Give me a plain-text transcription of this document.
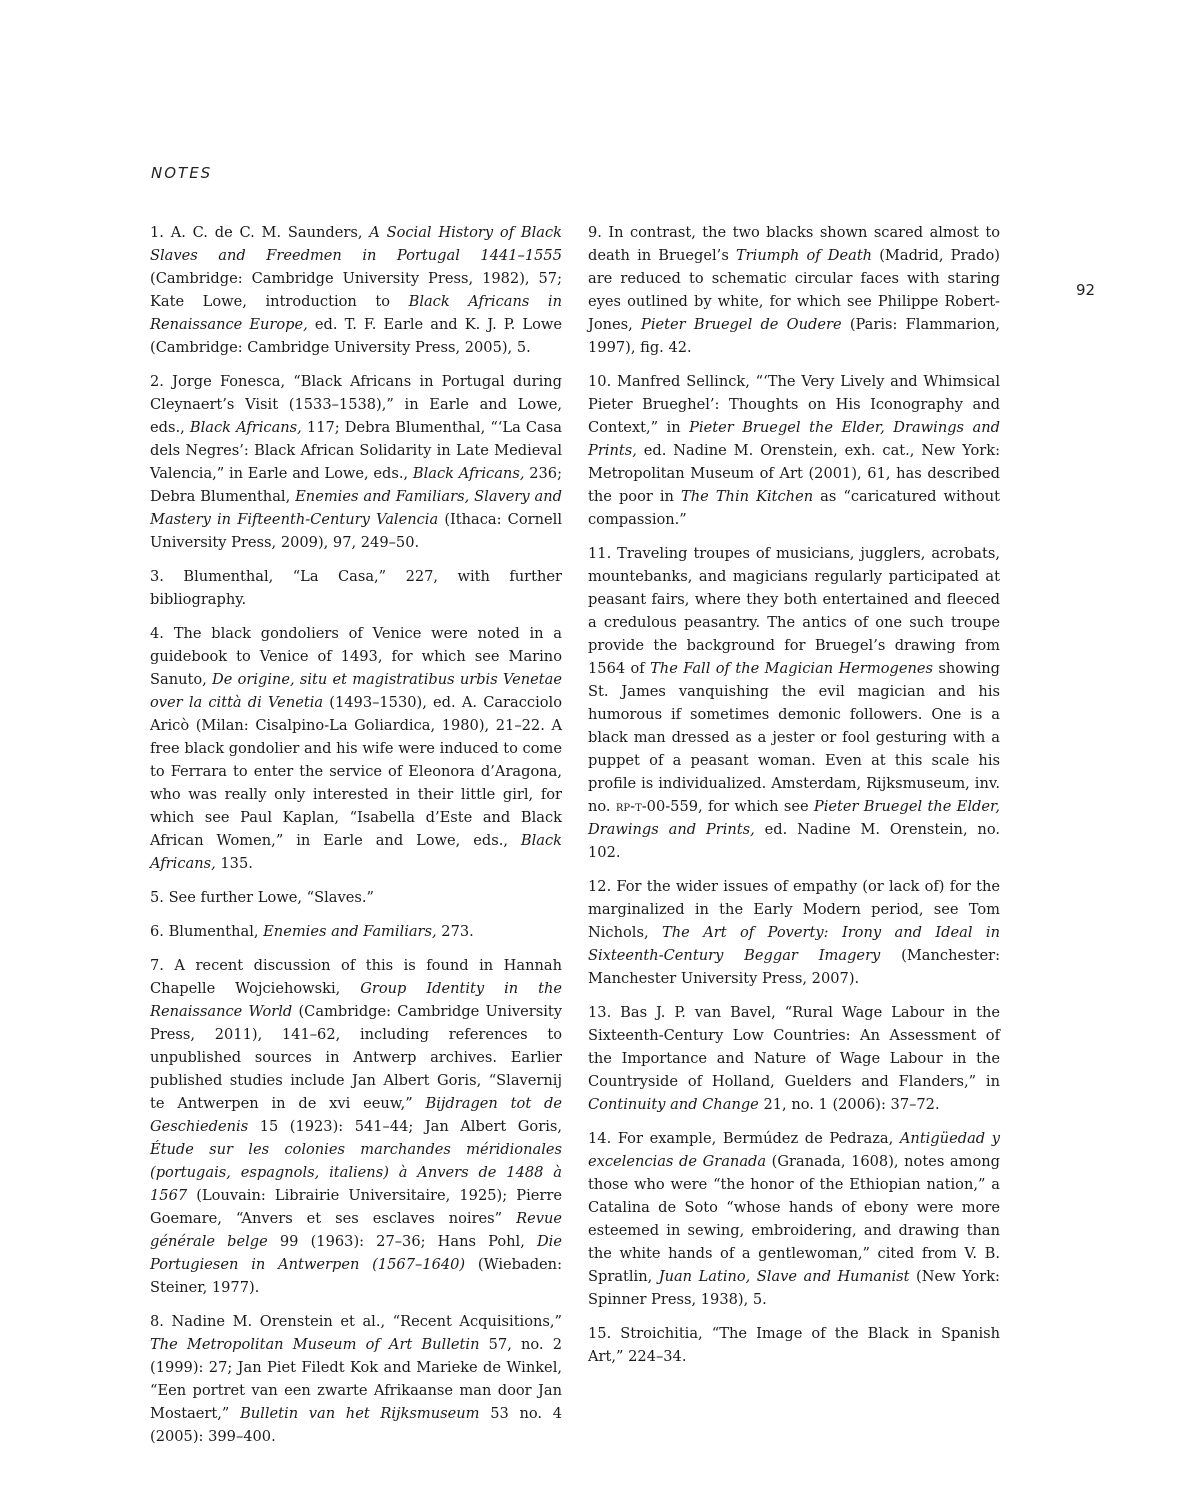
NOTES
92

1. A. C. de C. M. Saunders, A Social History of Black Slaves and Freedmen in Portugal 1441–1555 (Cambridge: Cambridge University Press, 1982), 57; Kate Lowe, introduction to Black Africans in Renaissance Europe, ed. T. F. Earle and K. J. P. Lowe (Cambridge: Cambridge University Press, 2005), 5.

2. Jorge Fonesca, “Black Africans in Portugal during Cleynaert’s Visit (1533–1538),” in Earle and Lowe, eds., Black Africans, 117; Debra Blumenthal, “‘La Casa dels Negres’: Black African Solidarity in Late Medieval Valencia,” in Earle and Lowe, eds., Black Africans, 236; Debra Blumenthal, Enemies and Familiars, Slavery and Mastery in Fifteenth-Century Valencia (Ithaca: Cornell University Press, 2009), 97, 249–50.

3. Blumenthal, “La Casa,” 227, with further bibliography.

4. The black gondoliers of Venice were noted in a guidebook to Venice of 1493, for which see Marino Sanuto, De origine, situ et magistratibus urbis Venetae over la città di Venetia (1493–1530), ed. A. Caracciolo Aricò (Milan: Cisalpino-La Goliardica, 1980), 21–22. A free black gondolier and his wife were induced to come to Ferrara to enter the service of Eleonora d’Aragona, who was really only interested in their little girl, for which see Paul Kaplan, “Isabella d’Este and Black African Women,” in Earle and Lowe, eds., Black Africans, 135.

5. See further Lowe, “Slaves.”

6. Blumenthal, Enemies and Familiars, 273.

7. A recent discussion of this is found in Hannah Chapelle Wojciehowski, Group Identity in the Renaissance World (Cambridge: Cambridge University Press, 2011), 141–62, including references to unpublished sources in Antwerp archives. Earlier published studies include Jan Albert Goris, “Slavernij te Antwerpen in de xvi eeuw,” Bijdragen tot de Geschiedenis 15 (1923): 541–44; Jan Albert Goris, Étude sur les colonies marchandes méridionales (portugais, espagnols, italiens) à Anvers de 1488 à 1567 (Louvain: Librairie Universitaire, 1925); Pierre Goemare, “Anvers et ses esclaves noires” Revue générale belge 99 (1963): 27–36; Hans Pohl, Die Portugiesen in Antwerpen (1567–1640) (Wiebaden: Steiner, 1977).

8. Nadine M. Orenstein et al., “Recent Acquisitions,” The Metropolitan Museum of Art Bulletin 57, no. 2 (1999): 27; Jan Piet Filedt Kok and Marieke de Winkel, “Een portret van een zwarte Afrikaanse man door Jan Mostaert,” Bulletin van het Rijksmuseum 53 no. 4 (2005): 399–400.

9. In contrast, the two blacks shown scared almost to death in Bruegel’s Triumph of Death (Madrid, Prado) are reduced to schematic circular faces with staring eyes outlined by white, for which see Philippe Robert-Jones, Pieter Bruegel de Oudere (Paris: Flammarion, 1997), fig. 42.

10. Manfred Sellinck, “‘The Very Lively and Whimsical Pieter Brueghel’: Thoughts on His Iconography and Context,” in Pieter Bruegel the Elder, Drawings and Prints, ed. Nadine M. Orenstein, exh. cat., New York: Metropolitan Museum of Art (2001), 61, has described the poor in The Thin Kitchen as “caricatured without compassion.”

11. Traveling troupes of musicians, jugglers, acrobats, mountebanks, and magicians regularly participated at peasant fairs, where they both entertained and fleeced a credulous peasantry. The antics of one such troupe provide the background for Bruegel’s drawing from 1564 of The Fall of the Magician Hermogenes showing St. James vanquishing the evil magician and his humorous if sometimes demonic followers. One is a black man dressed as a jester or fool gesturing with a puppet of a peasant woman. Even at this scale his profile is individualized. Amsterdam, Rijksmuseum, inv. no. rp-t-00-559, for which see Pieter Bruegel the Elder, Drawings and Prints, ed. Nadine M. Orenstein, no. 102.

12. For the wider issues of empathy (or lack of) for the marginalized in the Early Modern period, see Tom Nichols, The Art of Poverty: Irony and Ideal in Sixteenth-Century Beggar Imagery (Manchester: Manchester University Press, 2007).

13. Bas J. P. van Bavel, “Rural Wage Labour in the Sixteenth-Century Low Countries: An Assessment of the Importance and Nature of Wage Labour in the Countryside of Holland, Guelders and Flanders,” in Continuity and Change 21, no. 1 (2006): 37–72.

14. For example, Bermúdez de Pedraza, Antigüedad y excelencias de Granada (Granada, 1608), notes among those who were “the honor of the Ethiopian nation,” a Catalina de Soto “whose hands of ebony were more esteemed in sewing, embroidering, and drawing than the white hands of a gentlewoman,” cited from V. B. Spratlin, Juan Latino, Slave and Humanist (New York: Spinner Press, 1938), 5.

15. Stroichitia, “The Image of the Black in Spanish Art,” 224–34.
